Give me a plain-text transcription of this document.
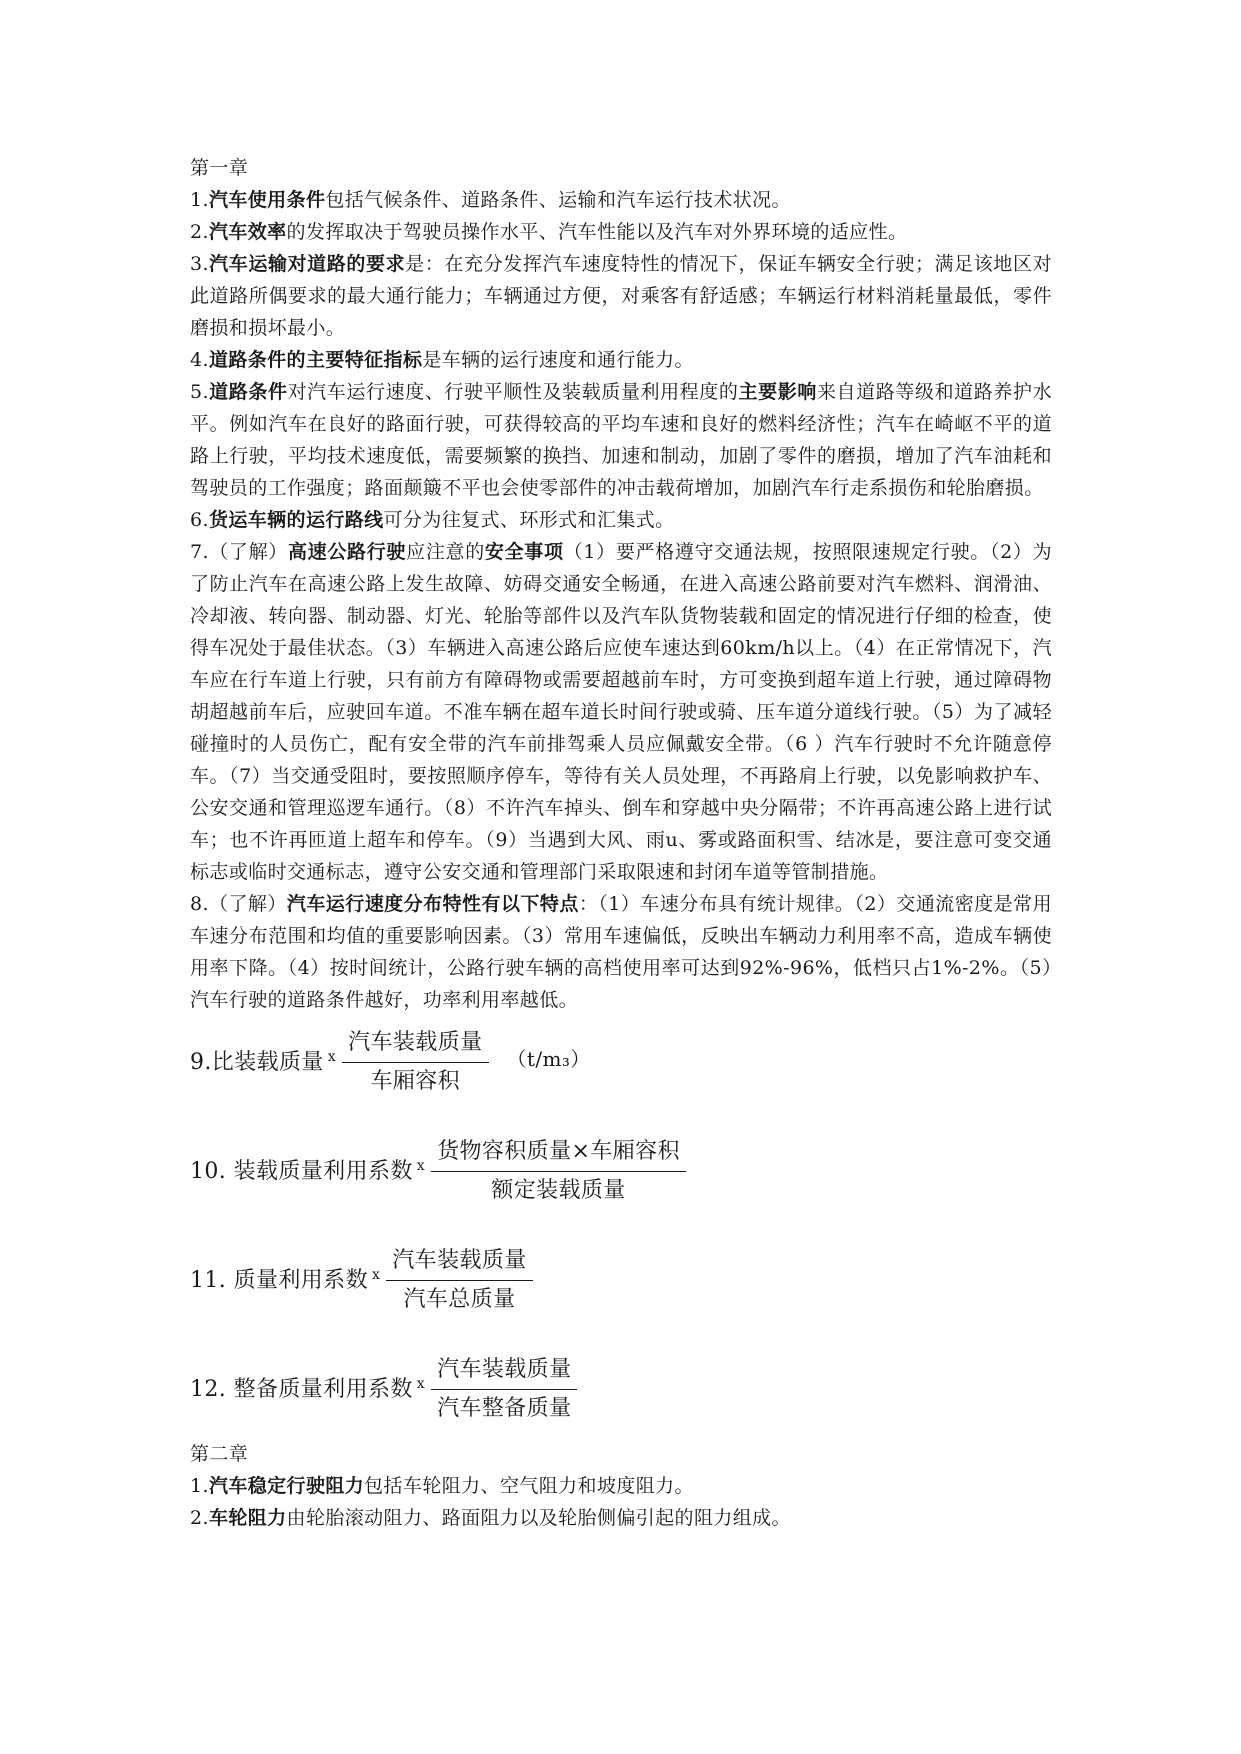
第一章

1.汽车使用条件包括气候条件、道路条件、运输和汽车运行技术状况。

2.汽车效率的发挥取决于驾驶员操作水平、汽车性能以及汽车对外界环境的适应性。

3.汽车运输对道路的要求是：在充分发挥汽车速度特性的情况下，保证车辆安全行驶；满足该地区对此道路所偶要求的最大通行能力；车辆通过方便，对乘客有舒适感；车辆运行材料消耗量最低，零件磨损和损坏最小。

4.道路条件的主要特征指标是车辆的运行速度和通行能力。

5.道路条件对汽车运行速度、行驶平顺性及装载质量利用程度的主要影响来自道路等级和道路养护水平。例如汽车在良好的路面行驶，可获得较高的平均车速和良好的燃料经济性；汽车在崎岖不平的道路上行驶，平均技术速度低，需要频繁的换挡、加速和制动，加剧了零件的磨损，增加了汽车油耗和驾驶员的工作强度；路面颠簸不平也会使零部件的冲击载荷增加，加剧汽车行走系损伤和轮胎磨损。

6.货运车辆的运行路线可分为往复式、环形式和汇集式。

7.（了解）高速公路行驶应注意的安全事项（1）要严格遵守交通法规，按照限速规定行驶。（2）为了防止汽车在高速公路上发生故障、妨碍交通安全畅通，在进入高速公路前要对汽车燃料、润滑油、冷却液、转向器、制动器、灯光、轮胎等部件以及汽车队货物装载和固定的情况进行仔细的检查，使得车况处于最佳状态。（3）车辆进入高速公路后应使车速达到60km/h以上。（4）在正常情况下，汽车应在行车道上行驶，只有前方有障碍物或需要超越前车时，方可变换到超车道上行驶，通过障碍物胡超越前车后，应驶回车道。不准车辆在超车道长时间行驶或骑、压车道分道线行驶。（5）为了减轻碰撞时的人员伤亡，配有安全带的汽车前排驾乘人员应佩戴安全带。（6 ）汽车行驶时不允许随意停车。（7）当交通受阻时，要按照顺序停车，等待有关人员处理，不再路肩上行驶，以免影响救护车、公安交通和管理巡逻车通行。（8）不许汽车掉头、倒车和穿越中央分隔带；不许再高速公路上进行试车；也不许再匝道上超车和停车。（9）当遇到大风、雨u、雾或路面积雪、结冰是，要注意可变交通标志或临时交通标志，遵守公安交通和管理部门采取限速和封闭车道等管制措施。

8.（了解）汽车运行速度分布特性有以下特点：（1）车速分布具有统计规律。（2）交通流密度是常用车速分布范围和均值的重要影响因素。（3）常用车速偏低，反映出车辆动力利用率不高，造成车辆使用率下降。（4）按时间统计，公路行驶车辆的高档使用率可达到92%-96%，低档只占1%-2%。（5）汽车行驶的道路条件越好，功率利用率越低。

9.比装载质量 ⅹ $\frac{\text{汽车装载质量}}{\text{车厢容积}} (t/m_3)$
10. 装载质量利用系数 ⅹ $\frac{\text{货物容积质量×车厢容积}}{\text{额定装载质量}}$
11. 质量利用系数 ⅹ $\frac{\text{汽车装载质量}}{\text{汽车总质量}}$
12. 整备质量利用系数 ⅹ $\frac{\text{汽车装载质量}}{\text{汽车整备质量}}$

第二章

1.汽车稳定行驶阻力包括车轮阻力、空气阻力和坡度阻力。

2.车轮阻力由轮胎滚动阻力、路面阻力以及轮胎侧偏引起的阻力组成。
